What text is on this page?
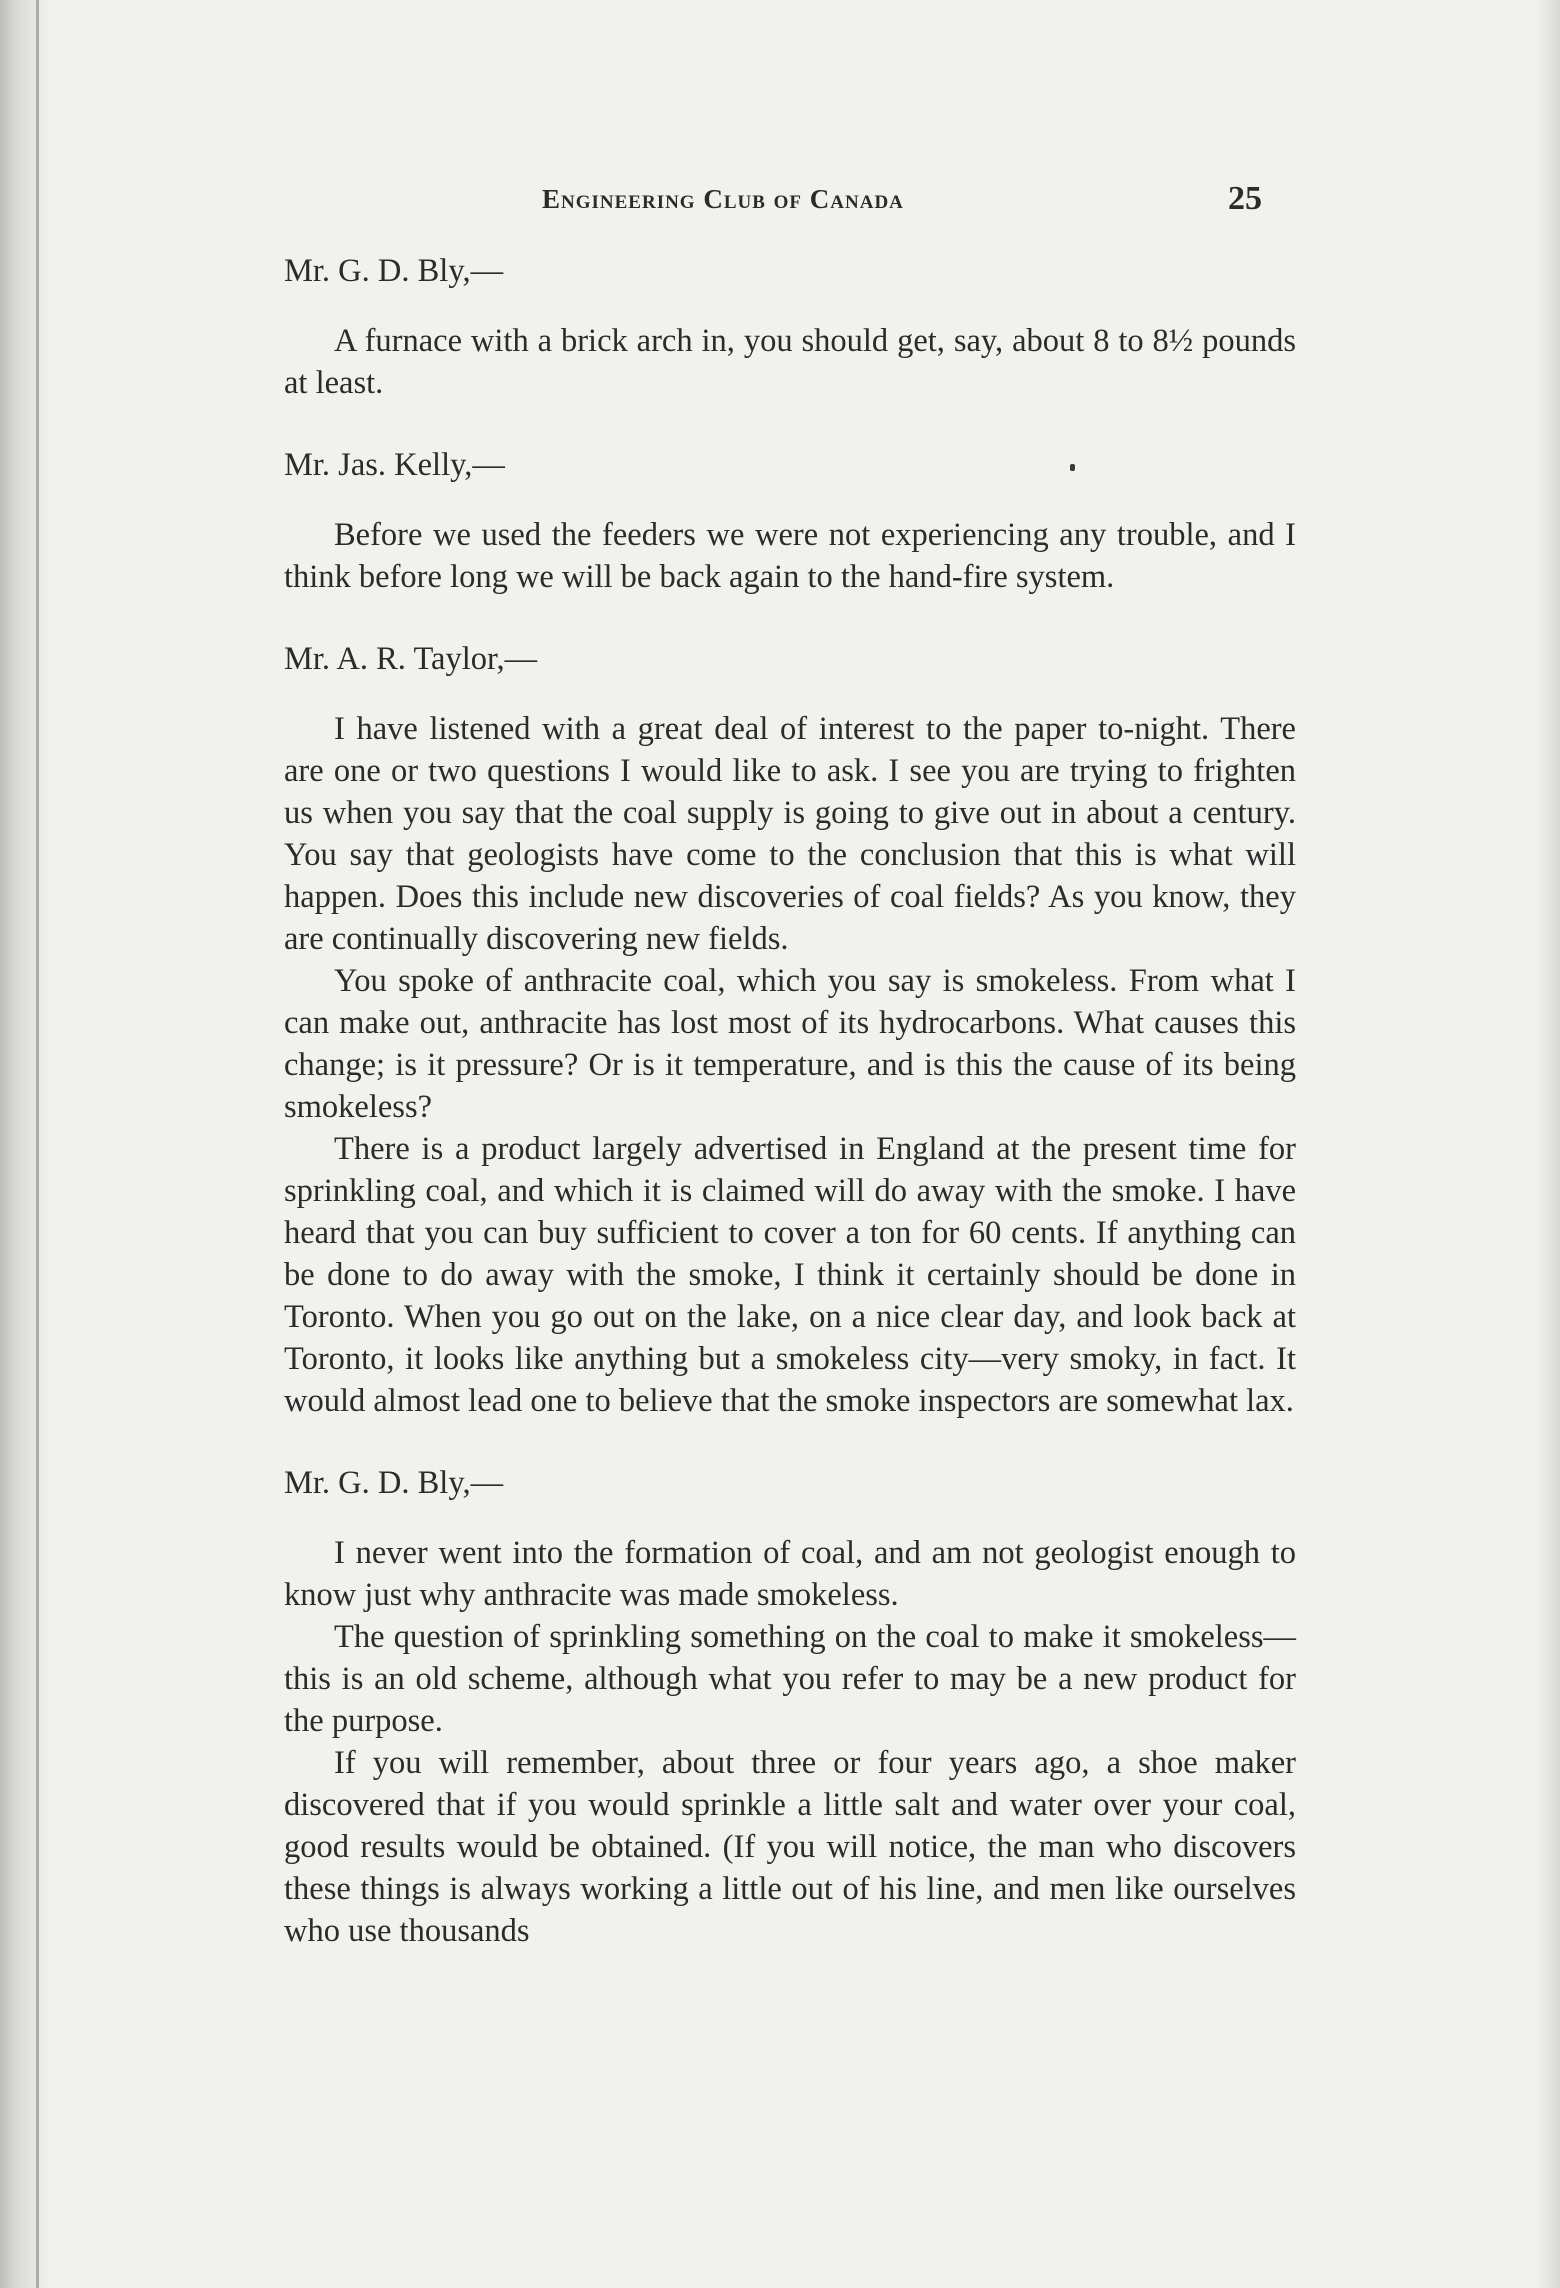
Engineering Club of Canada	25

Mr. G. D. Bly,—

A furnace with a brick arch in, you should get, say, about 8 to 8½ pounds at least.

Mr. Jas. Kelly,—

Before we used the feeders we were not experiencing any trouble, and I think before long we will be back again to the hand-fire system.

Mr. A. R. Taylor,—

I have listened with a great deal of interest to the paper to-night. There are one or two questions I would like to ask. I see you are trying to frighten us when you say that the coal supply is going to give out in about a century. You say that geologists have come to the conclusion that this is what will happen. Does this include new discoveries of coal fields? As you know, they are continually discovering new fields.

You spoke of anthracite coal, which you say is smokeless. From what I can make out, anthracite has lost most of its hydrocarbons. What causes this change; is it pressure? Or is it temperature, and is this the cause of its being smokeless?

There is a product largely advertised in England at the present time for sprinkling coal, and which it is claimed will do away with the smoke. I have heard that you can buy sufficient to cover a ton for 60 cents. If anything can be done to do away with the smoke, I think it certainly should be done in Toronto. When you go out on the lake, on a nice clear day, and look back at Toronto, it looks like anything but a smokeless city—very smoky, in fact. It would almost lead one to believe that the smoke inspectors are somewhat lax.

Mr. G. D. Bly,—

I never went into the formation of coal, and am not geologist enough to know just why anthracite was made smokeless.

The question of sprinkling something on the coal to make it smokeless—this is an old scheme, although what you refer to may be a new product for the purpose.

If you will remember, about three or four years ago, a shoe maker discovered that if you would sprinkle a little salt and water over your coal, good results would be obtained. (If you will notice, the man who discovers these things is always working a little out of his line, and men like ourselves who use thousands
